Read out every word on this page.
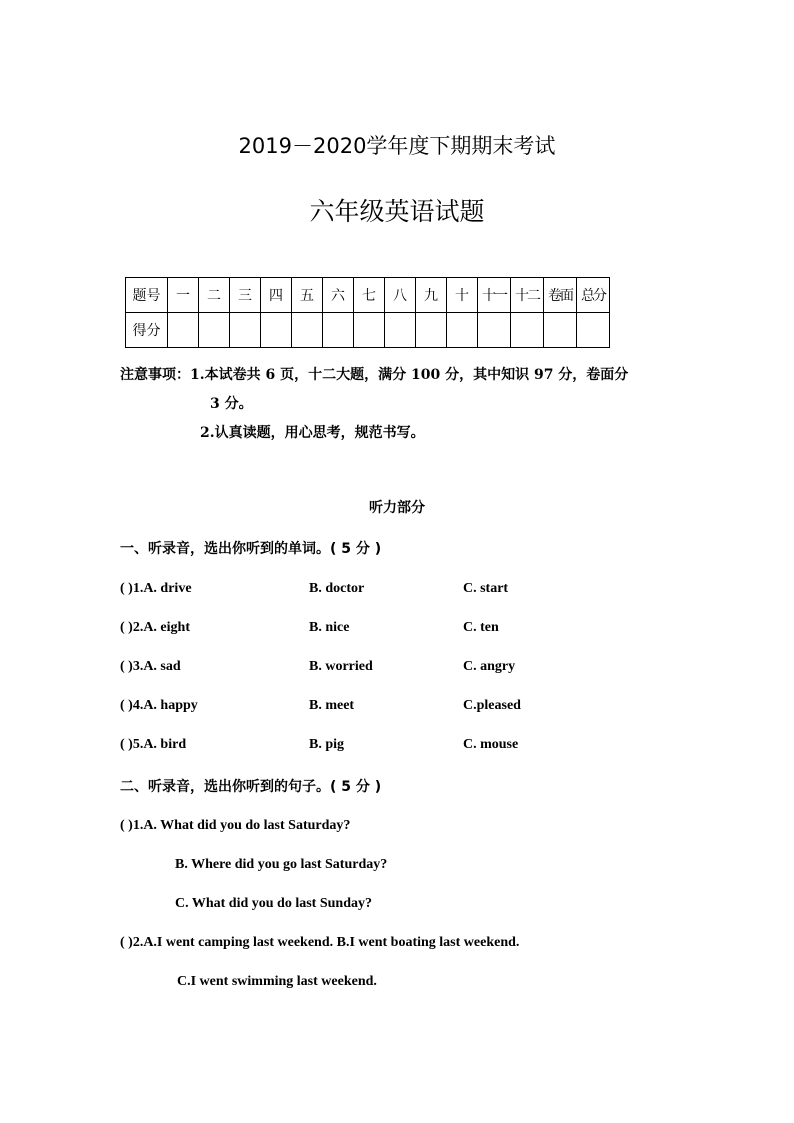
2019－2020学年度下期期末考试
六年级英语试题
题号	一	二	三	四	五	六	七	八	九	十	十一	十二	卷面	总分
得分														
注意事项：1.本试卷共 6 页，十二大题，满分 100 分，其中知识 97 分，卷面分
3 分。
2.认真读题，用心思考，规范书写。
听力部分
一、听录音，选出你听到的单词。( 5 分 )
( )1.A. drive	B. doctor	C. start
( )2.A. eight	B. nice	C. ten
( )3.A. sad	B. worried	C. angry
( )4.A. happy	B. meet	C.pleased
( )5.A. bird	B. pig	C. mouse
二、听录音，选出你听到的句子。( 5 分 )
( )1.A. What did you do last Saturday?
B. Where did you go last Saturday?
C. What did you do last Sunday?
( )2.A.I went camping last weekend. B.I went boating last weekend.
C.I went swimming last weekend.
